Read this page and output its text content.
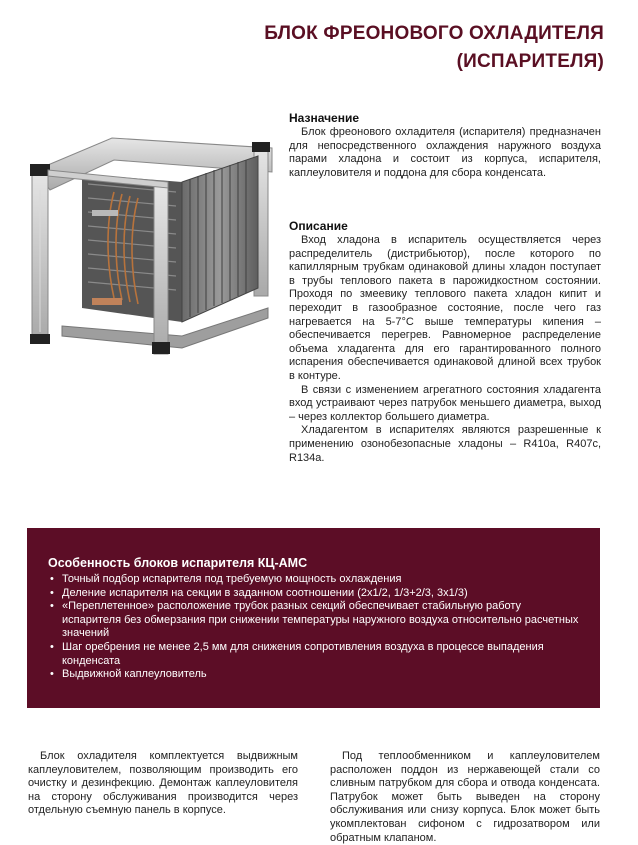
БЛОК ФРЕОНОВОГО ОХЛАДИТЕЛЯ
(ИСПАРИТЕЛЯ)
Назначение

Блок фреонового охладителя (испарителя) предназначен для непосредственного охлаждения наружного воздуха парами хладона и состоит из корпуса, испарителя, каплеуловителя и поддона для сбора конденсата.

Описание

Вход хладона в испаритель осуществляется через распределитель (дистрибьютор), после которого по капиллярным трубкам одинаковой длины хладон поступает в трубы теплового пакета в парожидкостном состоянии. Проходя по змеевику теплового пакета хладон кипит и переходит в газообразное состояние, после чего газ нагревается на 5-7°С выше температуры кипения – обеспечивается перегрев. Равномерное распределение объема хладагента для его гарантированного полного испарения обеспечивается одинаковой длиной всех трубок в контуре.

В связи с изменением агрегатного состояния хладагента вход устраивают через патрубок меньшего диаметра, выход – через коллектор большего диаметра.

Хладагентом в испарителях являются разрешенные к применению озонобезопасные хладоны – R410а, R407с, R134а.

Особенность блоков испарителя КЦ-АМС
• Точный подбор испарителя под требуемую мощность охлаждения
• Деление испарителя на секции в заданном соотношении (2х1/2, 1/3+2/3, 3х1/3)
• «Переплетенное» расположение трубок разных секций обеспечивает стабильную работу испарителя без обмерзания при снижении температуры наружного воздуха относительно расчетных значений
• Шаг оребрения не менее 2,5 мм для снижения сопротивления воздуха в процессе выпадения конденсата
• Выдвижной каплеуловитель

Блок охладителя комплектуется выдвижным каплеуловителем, позволяющим производить его очистку и дезинфекцию. Демонтаж каплеуловителя на сторону обслуживания производится через отдельную съемную панель в корпусе.

Под теплообменником и каплеуловителем расположен поддон из нержавеющей стали со сливным патрубком для сбора и отвода конденсата. Патрубок может быть выведен на сторону обслуживания или снизу корпуса. Блок может быть укомплектован сифоном с гидрозатвором или обратным клапаном.
